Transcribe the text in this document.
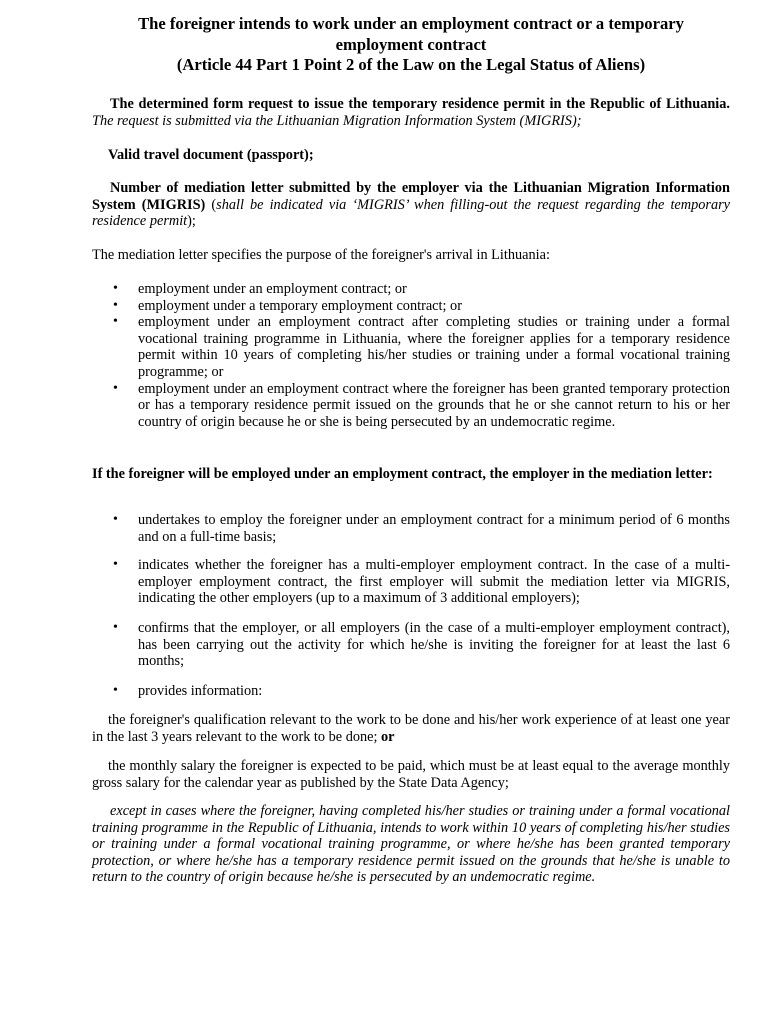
The foreigner intends to work under an employment contract or a temporary
employment contract
(Article 44 Part 1 Point 2 of the Law on the Legal Status of Aliens)

The determined form request to issue the temporary residence permit in the Republic of Lithuania. The request is submitted via the Lithuanian Migration Information System (MIGRIS);

Valid travel document (passport);

Number of mediation letter submitted by the employer via the Lithuanian Migration Information System (MIGRIS) (shall be indicated via ‘MIGRIS’ when filling-out the request regarding the temporary residence permit);

The mediation letter specifies the purpose of the foreigner's arrival in Lithuania:

• employment under an employment contract; or
• employment under a temporary employment contract; or
• employment under an employment contract after completing studies or training under a formal vocational training programme in Lithuania, where the foreigner applies for a temporary residence permit within 10 years of completing his/her studies or training under a formal vocational training programme; or
• employment under an employment contract where the foreigner has been granted temporary protection or has a temporary residence permit issued on the grounds that he or she cannot return to his or her country of origin because he or she is being persecuted by an undemocratic regime.

If the foreigner will be employed under an employment contract, the employer in the mediation letter:

• undertakes to employ the foreigner under an employment contract for a minimum period of 6 months and on a full-time basis;
• indicates whether the foreigner has a multi-employer employment contract. In the case of a multi-employer employment contract, the first employer will submit the mediation letter via MIGRIS, indicating the other employers (up to a maximum of 3 additional employers);
• confirms that the employer, or all employers (in the case of a multi-employer employment contract), has been carrying out the activity for which he/she is inviting the foreigner for at least the last 6 months;
• provides information:

the foreigner's qualification relevant to the work to be done and his/her work experience of at least one year in the last 3 years relevant to the work to be done; or

the monthly salary the foreigner is expected to be paid, which must be at least equal to the average monthly gross salary for the calendar year as published by the State Data Agency;

except in cases where the foreigner, having completed his/her studies or training under a formal vocational training programme in the Republic of Lithuania, intends to work within 10 years of completing his/her studies or training under a formal vocational training programme, or where he/she has been granted temporary protection, or where he/she has a temporary residence permit issued on the grounds that he/she is unable to return to the country of origin because he/she is persecuted by an undemocratic regime.
